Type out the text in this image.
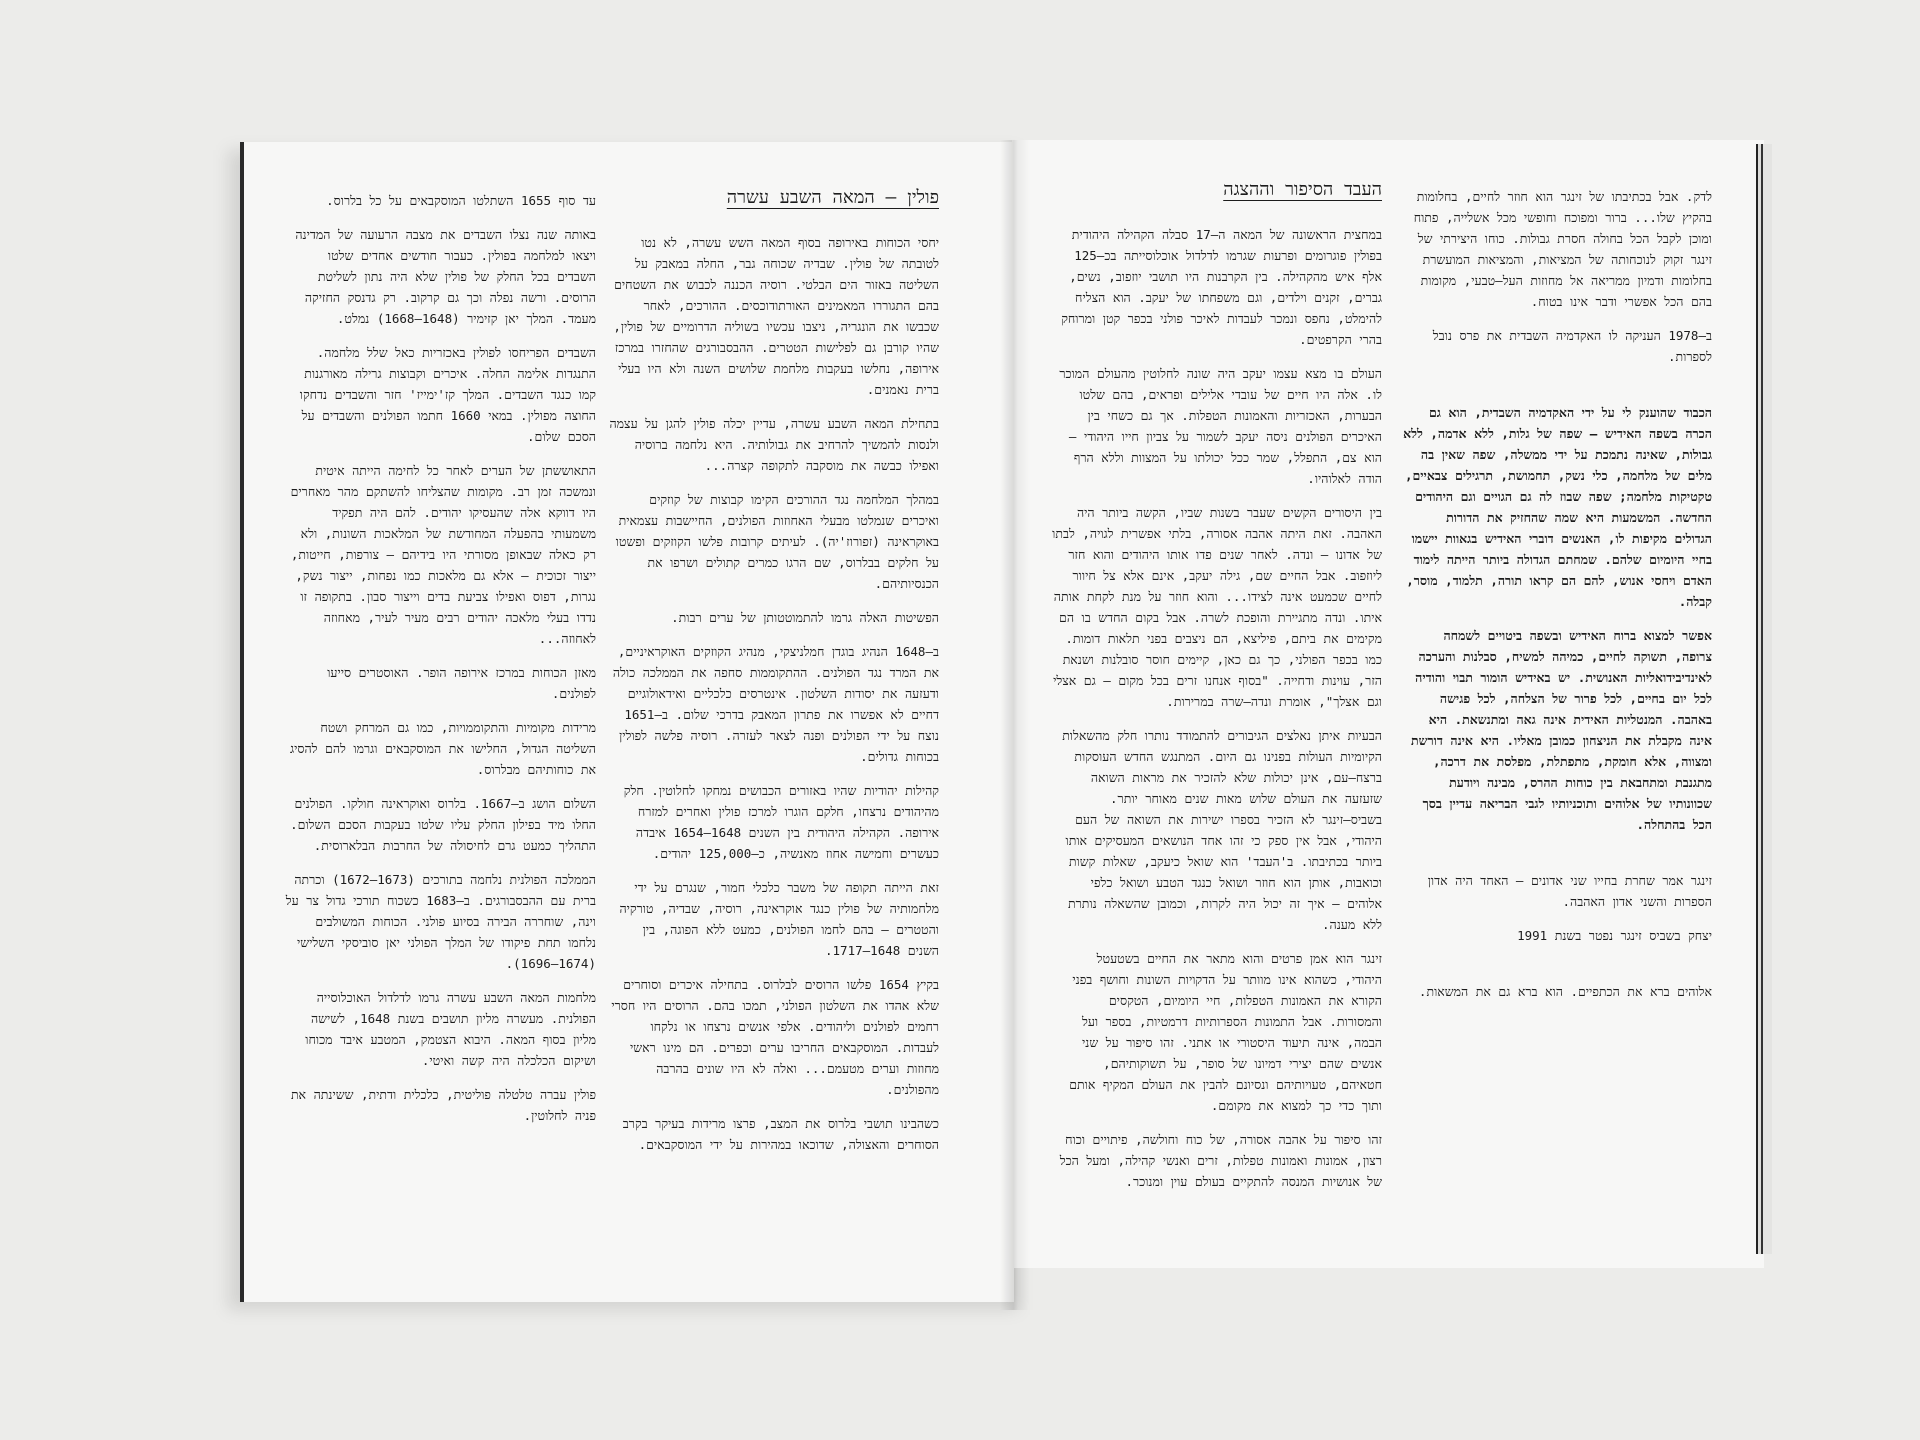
פולין – המאה השבע עשרה

יחסי הכוחות באירופה בסוף המאה השש עשרה, לא נטו לטובתה של פולין. שבדיה שכוחה גבר, החלה במאבק על השליטה באזור הים הבלטי. רוסיה הכננה לכבוש את השטחים בהם התגוררו המאמינים האורתודוכסים. ההורכים, לאחר שכבשו את הונגריה, ניצבו עכשיו בשוליה הדרומיים של פולין, שהיו קורבן גם לפלישות הטטרים. ההבסבורגים שהחזרו במרכז אירופה, נחלשו בעקבות מלחמת שלושים השנה ולא היו בעלי ברית נאמנים.

בתחילת המאה השבע עשרה, עדיין יכלה פולין להגן על עצמה ולנסות להמשיך להרחיב את גבולותיה. היא נלחמה ברוסיה ואפילו כבשה את מוסקבה לתקופה קצרה...

במהלך המלחמה נגד ההורכים הקימו קבוצות של קוזקים ואיכרים שנמלטו מבעלי האחוזות הפולנים, החיישבות עצמאית באוקראינה (זפורוז'יה). לעיתים קרובות פלשו הקוזקים ופשטו על חלקים בבלרוס, שם הרגו כמרים קתולים ושרפו את הכנסיותיהם.

הפשיטות האלה גרמו להתמוטטותן של ערים רבות.

ב–1648 הנהיג בוגדן חמלניצקי, מנהיג הקוזקים האוקראיניים, את המרד נגד הפולנים. ההתקוממות סחפה את הממלכה כולה ודעזעה את יסודות השלטון. אינטרסים כלכליים ואידאולוגיים דחיים לא אפשרו את פתרון המאבק בדרכי שלום. ב–1651 נוצח על ידי הפולנים ופנה לצאר לעזרה. רוסיה פלשה לפולין בכוחות גדולים.

קהילות יהודיות שהיו באזורים הכבושים נמחקו לחלוטין. חלק מהיהודים נרצחו, חלקם הוגרו למרכז פולין ואחרים למזרח אירופה. הקהילה היהודית בין השנים 1648–1654 איבדה כעשרים וחמישה אחוז מאנשיה, כ–125,000 יהודים.

זאת הייתה תקופה של משבר כלכלי חמור, שנגרם על ידי מלחמותיה של פולין כנגד אוקראינה, רוסיה, שבדיה, טורקיה והטטרים – בהם לחמו הפולנים, כמעט ללא הפוגה, בין השנים 1648–1717.

בקיץ 1654 פלשו הרוסים לבלרוס. בתחילה איכרים וסוחרים שלא אהדו את השלטון הפולני, תמכו בהם. הרוסים היו חסרי רחמים לפולנים וליהודים. אלפי אנשים נרצחו או נלקחו לעבדות. המוסקבאים החריבו ערים וכפרים. הם מינו ראשי מחוזות וערים מטעמם... ואלה לא היו שונים בהרבה מהפולנים.

כשהבינו תושבי בלרוס את המצב, פרצו מרידות בעיקר בקרב הסוחרים והאצולה, שדוכאו במהירות על ידי המוסקבאים.

עד סוף 1655 השתלטו המוסקבאים על כל בלרוס.

באותה שנה נצלו השבדים את מצבה הרעועה של המדינה ויצאו למלחמה בפולין. כעבור חודשים אחדים שלטו השבדים בכל החלק של פולין שלא היה נתון לשליטת הרוסים. ורשה נפלה וכך גם קרקוב. רק גדנסק החזיקה מעמד. המלך יאן קזימיר (1648–1668) נמלט.

השבדים הפריחסו לפולין באכזריות כאל שלל מלחמה. התנגדות אלימה החלה. איכרים וקבוצות גרילה מאורגנות קמו כנגד השבדים. המלך קז'ימייז' חזר והשבדים נדחקו החוצה מפולין. במאי 1660 חתמו הפולנים והשבדים על הסכם שלום.

התאוששתן של הערים לאחר כל לחימה הייתה איטית ונמשכה זמן רב. מקומות שהצליחו להשתקם מהר מאחרים היו דווקא אלה שהעסיקו יהודים. להם היה תפקיד משמעותי בהפעלה המחודשת של המלאכות השונות, ולא רק כאלה שבאופן מסורתי היו בידיהם – צורפות, חייטות, ייצור זכוכית – אלא גם מלאכות כמו נפחות, ייצור נשק, נגרות, דפוס ואפילו צביעת בדים וייצור סבון. בתקופה זו נדדו בעלי מלאכה יהודים רבים מעיר לעיר, מאחוזה לאחוזה...

מאזן הכוחות במרכז אירופה הופר. האוסטרים סייעו לפולנים.

מרידות מקומיות והתקוממויות, כמו גם המרחק ושטח השליטה הגדול, החלישו את המוסקבאים וגרמו להם להסיג את כוחותיהם מבלרוס.

השלום הושג ב–1667. בלרוס ואוקראינה חולקו. הפולנים החלו מיד בפילון החלק עליו שלטו בעקבות הסכם השלום. התהליך כמעט גרם לחיסולה של החרבות הבלארוסית.

הממלכה הפולנית נלחמה בתורכים (1673–1672) וכרתה ברית עם ההבסבורגים. ב–1683 כשכוח תורכי גדול צר על וינה, שוחררה הבירה בסיוע פולני. הכוחות המשולבים נלחמו תחת פיקודו של המלך הפולני יאן סוביסקי השלישי (1674–1696).

מלחמות המאה השבע עשרה גרמו לדלדול האוכלוסייה הפולנית. מעשרה מליון תושבים בשנת 1648, לשישה מליון בסוף המאה. היבוא הצטמק, המטבע איבד מכוחו ושיקום הכלכלה היה קשה ואיטי.

פולין עברה טלטלה פוליטית, כלכלית ודתית, ששינתה את פניה לחלוטין.

העבד הסיפור וההצגה

במחצית הראשונה של המאה ה–17 סבלה הקהילה היהודית בפולין פוגרומים ופרעות שגרמו לדלדול אוכלוסייתה בכ–125 אלף איש מהקהילה. בין הקרבנות היו תושבי יוזפוב, נשים, גברים, זקנים וילדים, וגם משפחתו של יעקב. הוא הצליח להימלט, נחפס ונמכר לעבדות לאיכר פולני בכפר קטן ומרוחק בהרי הקרפטים.

העולם בו מצא עצמו יעקב היה שונה לחלוטין מהעולם המוכר לו. אלה היו חיים של עובדי אלילים ופראים, בהם שלטו הבערות, האכזריות והאמונות הטפלות. אך גם כשחי בין האיכרים הפולנים ניסה יעקב לשמור על צביון חייו היהודי – הוא צם, התפלל, שמר ככל יכולתו על המצוות וללא הרף הודה לאלוהיו.

בין היסורים הקשים שעבר בשנות שביו, הקשה ביותר היה האהבה. זאת היתה אהבה אסורה, בלתי אפשרית לגויה, לבתו של אדונו – ונדה. לאחר שנים פדו אותו היהודים והוא חזר ליוזפוב. אבל החיים שם, גילה יעקב, אינם אלא צל חיוור לחיים שכמעט אינה לצידו... והוא חוזר על מנת לקחת אותה איתו. ונדה מתגיירת והופכת לשרה. אבל בקום החדש בו הם מקימים את ביתם, פיליצא, הם ניצבים בפני תלאות דומות. כמו בכפר הפולני, כך גם כאן, קיימים חוסר סובלנות ושנאת הזר, עוינות ודחייה. "בסוף אנחנו זרים בכל מקום – גם אצלי וגם אצלך", אומרת ונדה–שרה במרירות.

הבעיות איתן נאלצים הגיבורים להתמודד נותרו חלק מהשאלות הקיומיות העולות בפנינו גם היום. המתנגש החדש העוסקות ברצח–עם, אינן יכולות שלא להזכיר את מראות השואה שזעזעה את העולם שלוש מאות שנים מאוחר יותר. בשביס–זינגר לא הזכיר בספרו ישירות את השואה של העם היהודי, אבל אין ספק כי זהו אחד הנושאים המעסיקים אותו ביותר בכתיבתו. ב'העבד' הוא שואל כיעקב, שאלות קשות וכואבות, אותן הוא חוזר ושואל כנגד הטבע ושואל כלפי אלוהים – איך זה יכול היה לקרות, וכמובן שהשאלה נותרת ללא מענה.

זינגר הוא אמן פרטים והוא מתאר את החיים בשטעטל היהודי, כשהוא אינו מוותר על הדקויות השונות וחושף בפני הקורא את האמונות הטפלות, חיי היומיום, הטקסים והמסורות. אבל התמונות הספרותיות דרמטיות, בספר ועל הבמה, אינה תיעוד היסטורי או אתני. זהו סיפור על שני אנשים שהם יצירי דמיונו של סופר, על תשוקותיהם, חטאיהם, טעויותיהם ונסיונם להבין את העולם המקיף אותם ותוך כדי כך למצוא את מקומם.

זהו סיפור על אהבה אסורה, של כוח וחולשה, פיתויים וכוח רצון, אמונות ואמונות טפלות, זרים ואנשי קהילה, ומעל הכל של אנושיות המנסה להתקיים בעולם עוין ומנוכר.

לדק. אבל בכתיבתו של זינגר הוא חוזר לחיים, בחלומות בהקיץ שלו... ברור ומפוכח וחופשי מכל אשלייה, פתוח ומוכן לקבל הכל בחולה חסרת גבולות. כוחו היצירתי של זינגר זקוק לנוכחותה של המציאות, והמציאות המועשרת בחלומות ודמיון ממריאה אל מחוזות העל–טבעי, מקומות בהם הכל אפשרי ודבר אינו בטוח.

ב–1978 העניקה לו האקדמיה השבדית את פרס נובל לספרות.

הכבוד שהוענק לי על ידי האקדמיה השבדית, הוא גם הכרה בשפה האידיש – שפה של גלות, ללא אדמה, ללא גבולות, שאינה נתמכת על ידי ממשלה, שפה שאין בה מלים של מלחמה, כלי נשק, תחמושת, תרגילים צבאיים, טקטיקות מלחמה; שפה שבוז לה גם הגויים וגם היהודים החדשה. המשמעות היא שמה שהחזיק את הדורות הגדולים מקיפות לו, האנשים דוברי האידיש בגאוות יישמו בחיי היומיום שלהם. שמחתם הגדולה ביותר הייתה לימוד האדם ויחסי אנוש, להם הם קראו תורה, תלמוד, מוסר, קבלה.

אפשר למצוא ברוח האידיש ובשפה ביטויים לשמחה צרופה, תשוקה לחיים, כמיהה למשיח, סבלנות והערכה לאינדיבידואליות האנושית. יש באידיש הומור תבוי והודיה לכל יום בחיים, לכל פרור של הצלחה, לכל פגישה באהבה. המנטליות האידית אינה גאה ומתנשאת. היא אינה מקבלת את הניצחון כמובן מאליו. היא אינה דורשת ומצווה, אלא חומקת, מתפתלת, מפלסת את דרכה, מתגנבת ומתחבאת בין כוחות ההרס, מבינה ויודעת שכוונותיו של אלוהים ותוכניותיו לגבי הבריאה עדיין בסך הכל בהתחלה.

זינגר אמר שחרת בחייו שני אדונים – האחד היה אדון הספרות והשני אדון האהבה.

יצחק בשביס זינגר נפטר בשנת 1991

אלוהים ברא את הכתפיים. הוא ברא גם את המשאות.
